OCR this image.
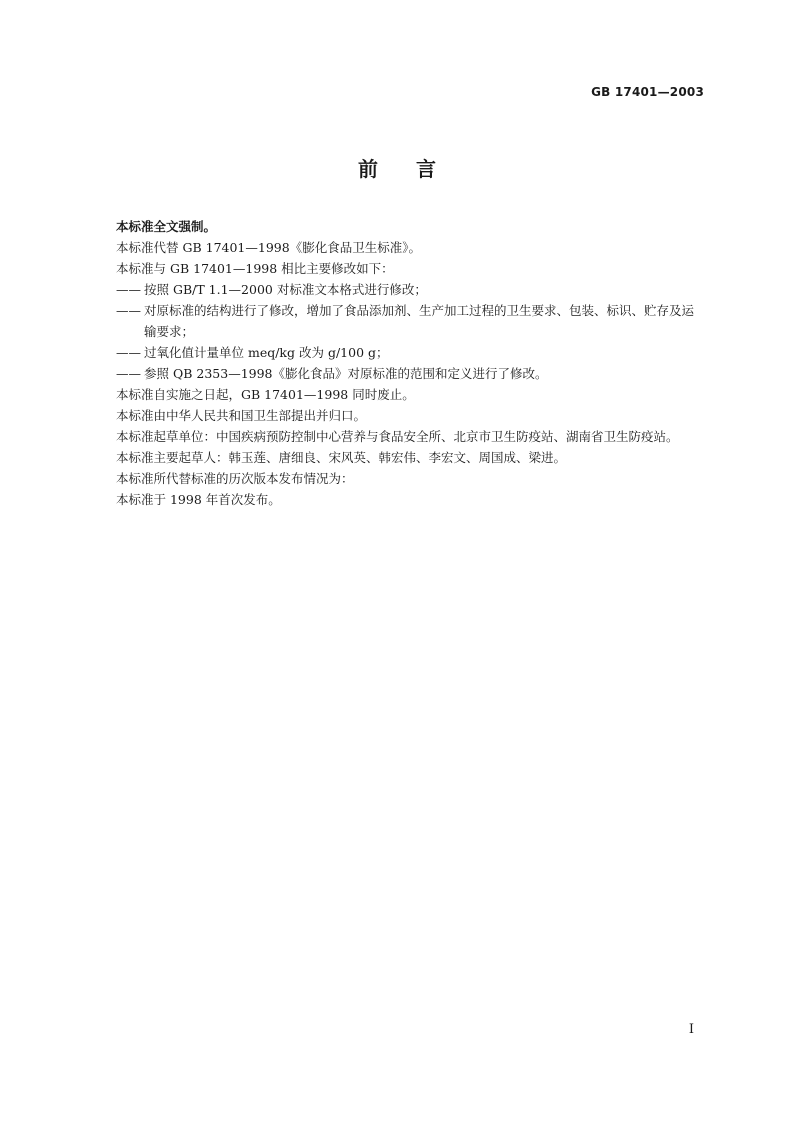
GB 17401—2003
前言

本标准全文强制。

本标准代替 GB 17401—1998《膨化食品卫生标准》。

本标准与 GB 17401—1998 相比主要修改如下：

—— 按照 GB/T 1.1—2000 对标准文本格式进行修改；

—— 对原标准的结构进行了修改，增加了食品添加剂、生产加工过程的卫生要求、包装、标识、贮存及运输要求；

—— 过氧化值计量单位 meq/kg 改为 g/100 g；

—— 参照 QB 2353—1998《膨化食品》对原标准的范围和定义进行了修改。

本标准自实施之日起，GB 17401—1998 同时废止。

本标准由中华人民共和国卫生部提出并归口。

本标准起草单位：中国疾病预防控制中心营养与食品安全所、北京市卫生防疫站、湖南省卫生防疫站。

本标准主要起草人：韩玉莲、唐细良、宋风英、韩宏伟、李宏文、周国成、梁进。

本标准所代替标准的历次版本发布情况为：

本标准于 1998 年首次发布。

I
